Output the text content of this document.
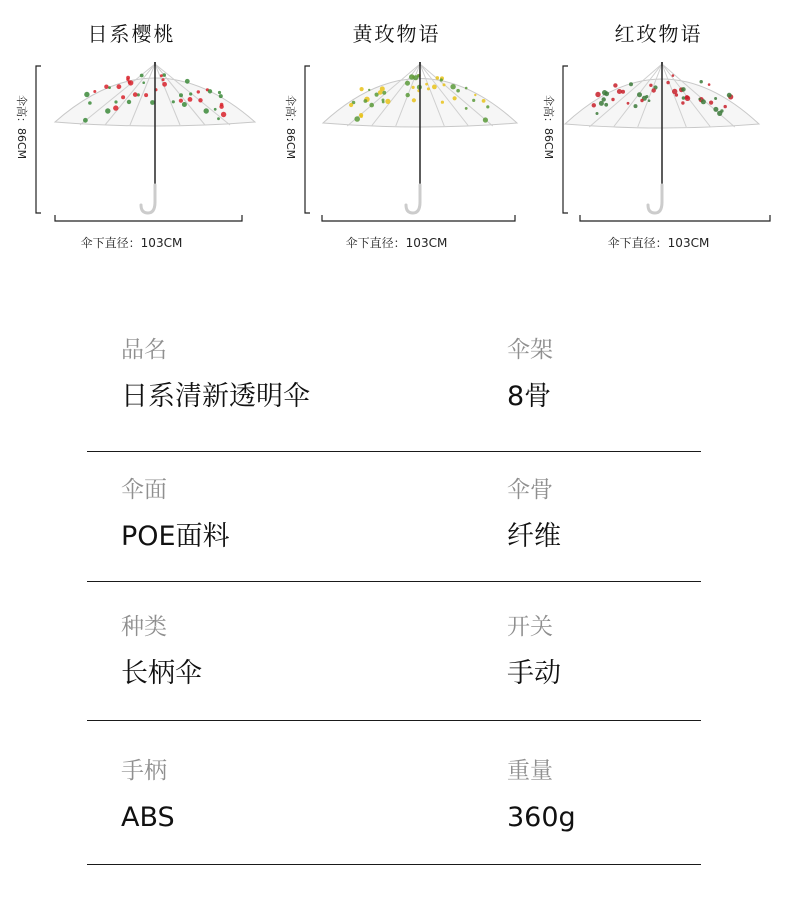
日系樱桃
伞高：86CM
伞下直径：103CM
黄玫物语
伞高：86CM
伞下直径：103CM
红玫物语
伞高：86CM
伞下直径：103CM
品名
日系清新透明伞
伞架
8骨
伞面
POE面料
伞骨
纤维
种类
长柄伞
开关
手动
手柄
ABS
重量
360g
